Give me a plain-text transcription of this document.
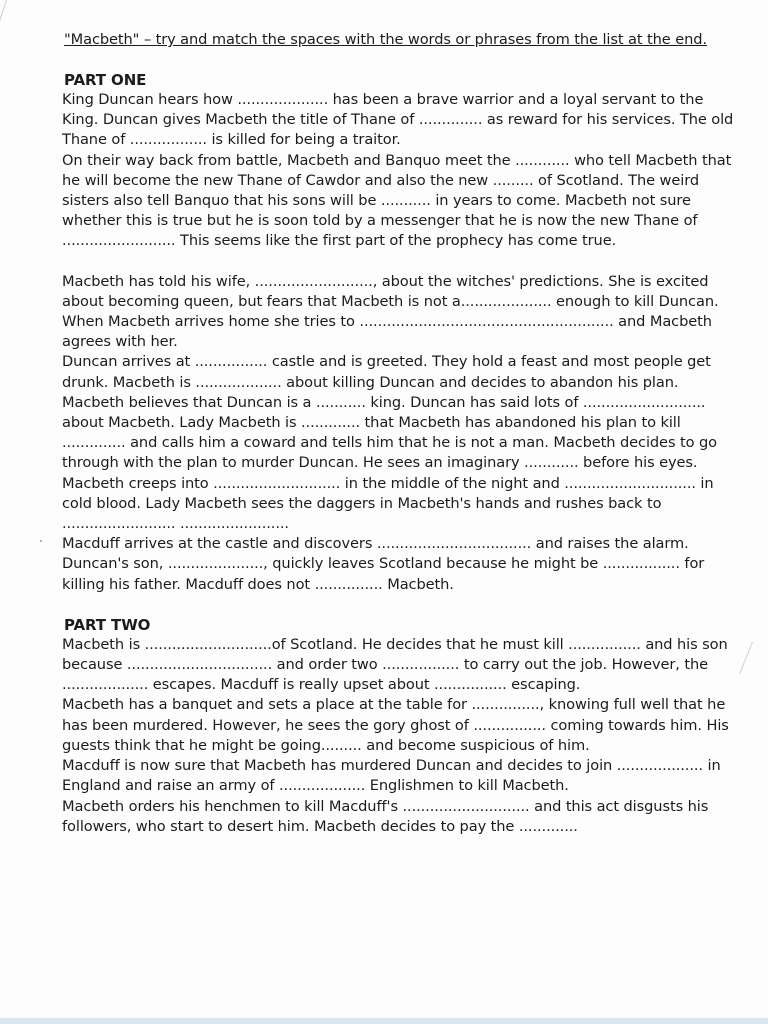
"Macbeth" – try and match the spaces with the words or phrases from the list at the end.
PART ONE

King Duncan hears how .................... has been a brave warrior and a loyal servant to the King. Duncan gives Macbeth the title of Thane of .............. as reward for his services. The old Thane of ................. is killed for being a traitor.

On their way back from battle, Macbeth and Banquo meet the ............ who tell Macbeth that he will become the new Thane of Cawdor and also the new ......... of Scotland. The weird sisters also tell Banquo that his sons will be ........... in years to come. Macbeth not sure whether this is true but he is soon told by a messenger that he is now the new Thane of ......................... This seems like the first part of the prophecy has come true.

Macbeth has told his wife, .........................., about the witches' predictions. She is excited about becoming queen, but fears that Macbeth is not a.................... enough to kill Duncan. When Macbeth arrives home she tries to ........................................................ and Macbeth agrees with her.

Duncan arrives at ................ castle and is greeted. They hold a feast and most people get drunk. Macbeth is ................... about killing Duncan and decides to abandon his plan. Macbeth believes that Duncan is a ........... king. Duncan has said lots of ........................... about Macbeth. Lady Macbeth is ............. that Macbeth has abandoned his plan to kill .............. and calls him a coward and tells him that he is not a man. Macbeth decides to go through with the plan to murder Duncan. He sees an imaginary ............ before his eyes. Macbeth creeps into ............................ in the middle of the night and ............................. in cold blood. Lady Macbeth sees the daggers in Macbeth's hands and rushes back to ......................... ........................

Macduff arrives at the castle and discovers .................................. and raises the alarm. Duncan's son, ....................., quickly leaves Scotland because he might be ................. for killing his father. Macduff does not ............... Macbeth.

PART TWO

Macbeth is ............................of Scotland. He decides that he must kill ................ and his son because ................................ and order two ................. to carry out the job. However, the ................... escapes. Macduff is really upset about ................ escaping.

Macbeth has a banquet and sets a place at the table for ..............., knowing full well that he has been murdered. However, he sees the gory ghost of ................ coming towards him. His guests think that he might be going......... and become suspicious of him.

Macduff is now sure that Macbeth has murdered Duncan and decides to join ................... in England and raise an army of ................... Englishmen to kill Macbeth.

Macbeth orders his henchmen to kill Macduff's ............................ and this act disgusts his followers, who start to desert him. Macbeth decides to pay the .............
